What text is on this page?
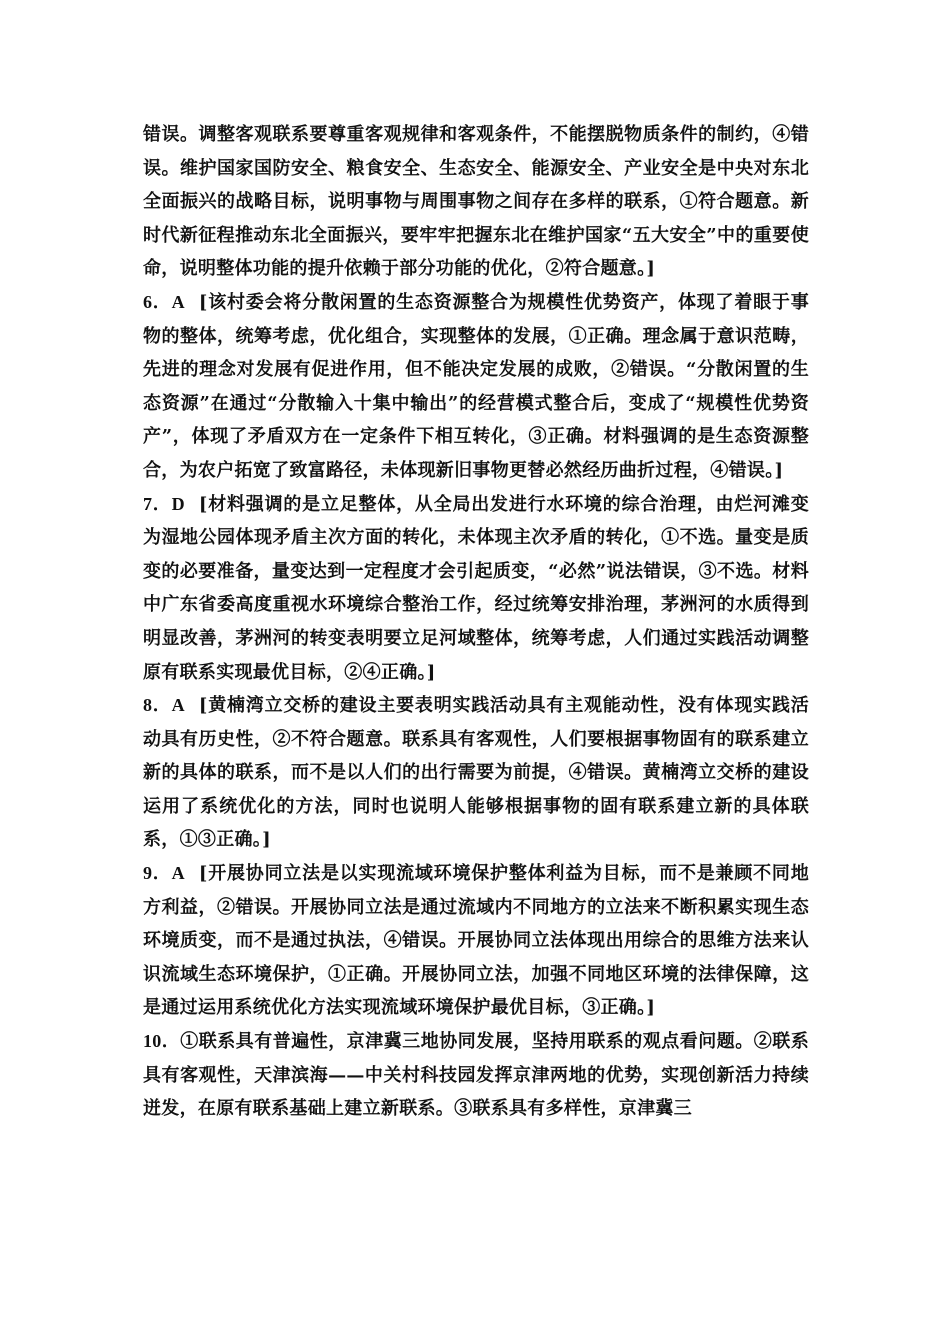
错误。调整客观联系要尊重客观规律和客观条件，不能摆脱物质条件的制约，④错误。维护国家国防安全、粮食安全、生态安全、能源安全、产业安全是中央对东北全面振兴的战略目标，说明事物与周围事物之间存在多样的联系，①符合题意。新时代新征程推动东北全面振兴，要牢牢把握东北在维护国家“五大安全”中的重要使命，说明整体功能的提升依赖于部分功能的优化，②符合题意。]

6．A [该村委会将分散闲置的生态资源整合为规模性优势资产，体现了着眼于事物的整体，统筹考虑，优化组合，实现整体的发展，①正确。理念属于意识范畴，先进的理念对发展有促进作用，但不能决定发展的成败，②错误。“分散闲置的生态资源”在通过“分散输入十集中输出”的经营模式整合后，变成了“规模性优势资产”，体现了矛盾双方在一定条件下相互转化，③正确。材料强调的是生态资源整合，为农户拓宽了致富路径，未体现新旧事物更替必然经历曲折过程，④错误。]

7．D [材料强调的是立足整体，从全局出发进行水环境的综合治理，由烂河滩变为湿地公园体现矛盾主次方面的转化，未体现主次矛盾的转化，①不选。量变是质变的必要准备，量变达到一定程度才会引起质变，“必然”说法错误，③不选。材料中广东省委高度重视水环境综合整治工作，经过统筹安排治理，茅洲河的水质得到明显改善，茅洲河的转变表明要立足河域整体，统筹考虑，人们通过实践活动调整原有联系实现最优目标，②④正确。]

8．A [黄楠湾立交桥的建设主要表明实践活动具有主观能动性，没有体现实践活动具有历史性，②不符合题意。联系具有客观性，人们要根据事物固有的联系建立新的具体的联系，而不是以人们的出行需要为前提，④错误。黄楠湾立交桥的建设运用了系统优化的方法，同时也说明人能够根据事物的固有联系建立新的具体联系，①③正确。]

9．A [开展协同立法是以实现流域环境保护整体利益为目标，而不是兼顾不同地方利益，②错误。开展协同立法是通过流域内不同地方的立法来不断积累实现生态环境质变，而不是通过执法，④错误。开展协同立法体现出用综合的思维方法来认识流域生态环境保护，①正确。开展协同立法，加强不同地区环境的法律保障，这是通过运用系统优化方法实现流域环境保护最优目标，③正确。]

10．①联系具有普遍性，京津冀三地协同发展，坚持用联系的观点看问题。②联系具有客观性，天津滨海——中关村科技园发挥京津两地的优势，实现创新活力持续迸发，在原有联系基础上建立新联系。③联系具有多样性，京津冀三
